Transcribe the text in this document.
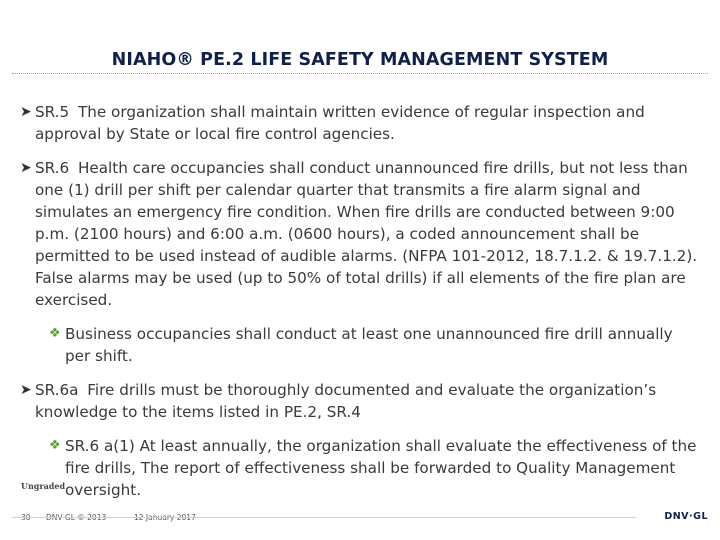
NIAHO® PE.2 LIFE SAFETY MANAGEMENT SYSTEM
➤ SR.5 The organization shall maintain written evidence of regular inspection and approval by State or local fire control agencies.
➤ SR.6 Health care occupancies shall conduct unannounced fire drills, but not less than one (1) drill per shift per calendar quarter that transmits a fire alarm signal and simulates an emergency fire condition. When fire drills are conducted between 9:00 p.m. (2100 hours) and 6:00 a.m. (0600 hours), a coded announcement shall be permitted to be used instead of audible alarms. (NFPA 101-2012, 18.7.1.2. & 19.7.1.2). False alarms may be used (up to 50% of total drills) if all elements of the fire plan are exercised.
❖ Business occupancies shall conduct at least one unannounced fire drill annually per shift.
➤ SR.6a Fire drills must be thoroughly documented and evaluate the organization’s knowledge to the items listed in PE.2, SR.4
❖ SR.6 a(1) At least annually, the organization shall evaluate the effectiveness of the fire drills, The report of effectiveness shall be forwarded to Quality Management oversight.
Ungraded
30 DNV GL © 2013	12 January 2017	DNV·GL
